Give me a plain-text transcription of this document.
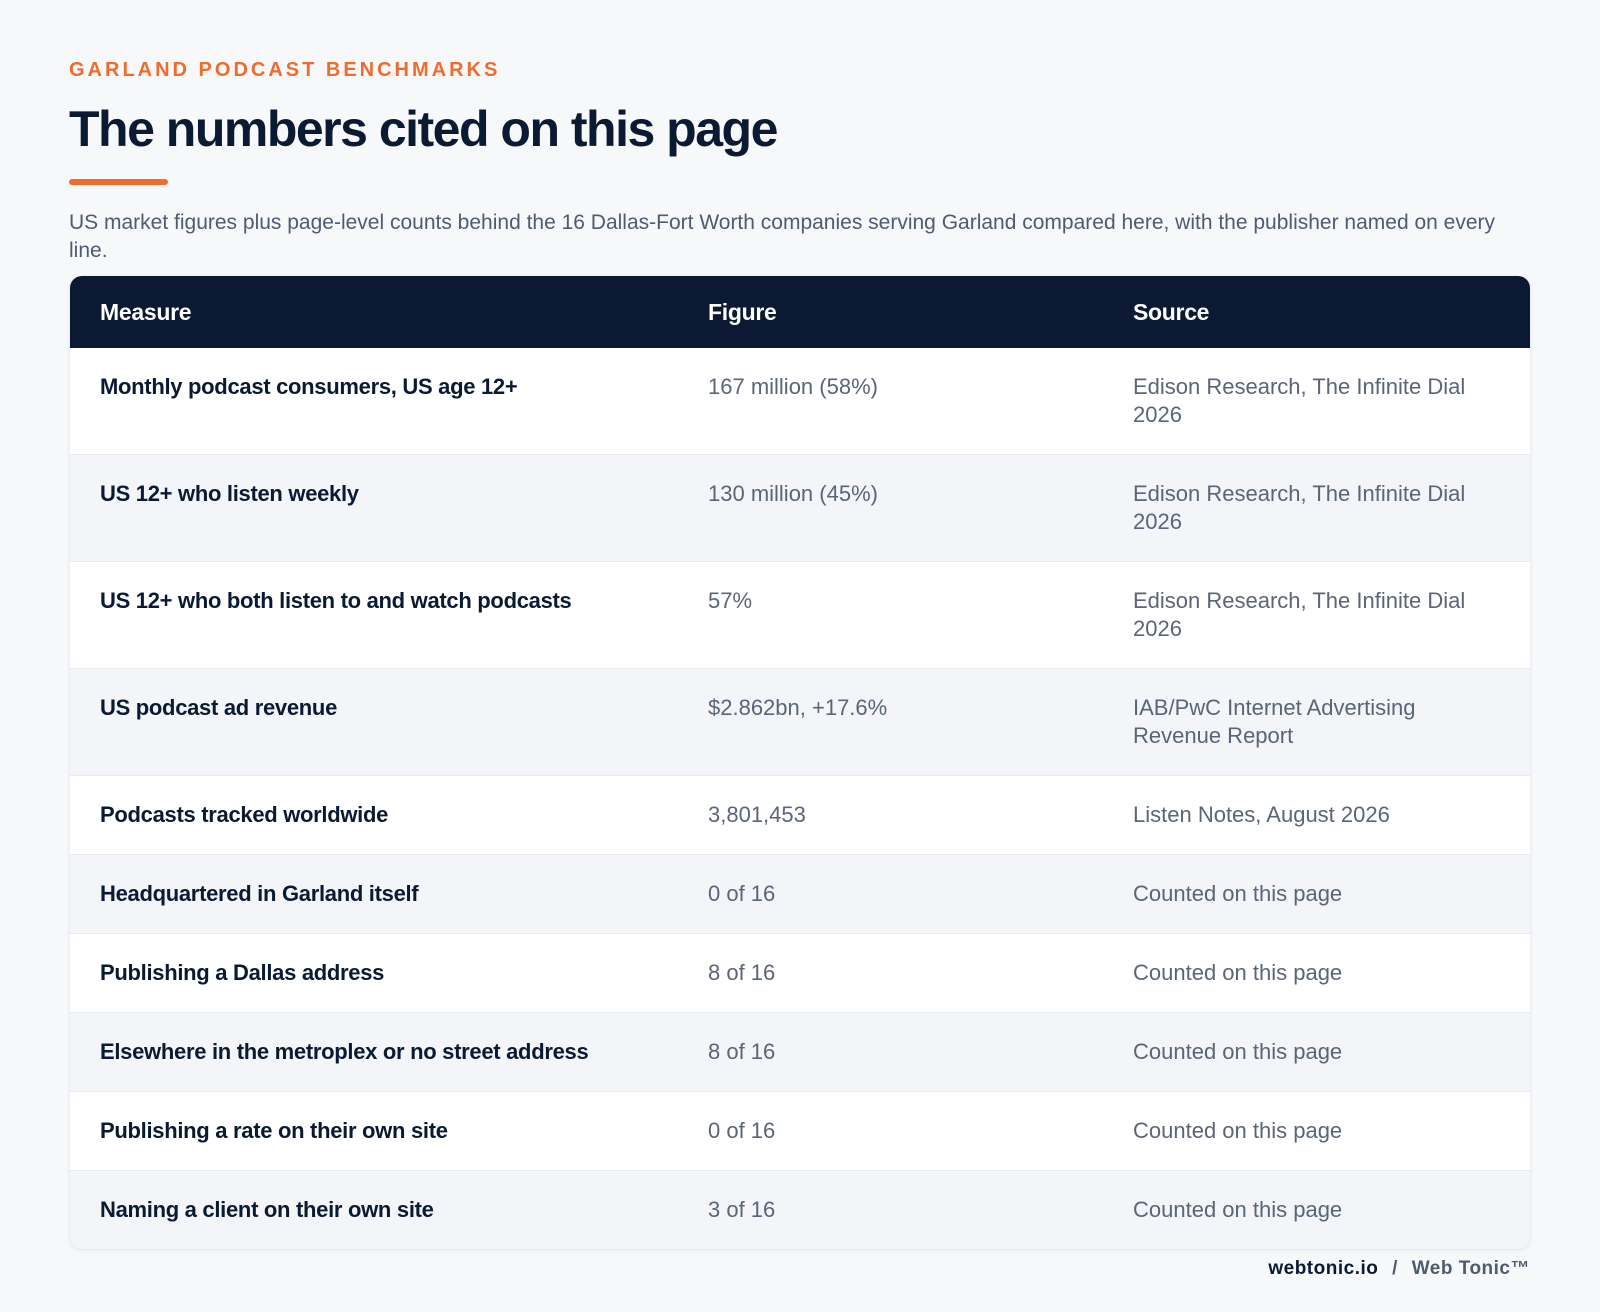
GARLAND PODCAST BENCHMARKS

The numbers cited on this page

US market figures plus page-level counts behind the 16 Dallas-Fort Worth companies serving Garland compared here, with the publisher named on every line.

Measure	Figure	Source
Monthly podcast consumers, US age 12+	167 million (58%)	Edison Research, The Infinite Dial 2026
US 12+ who listen weekly	130 million (45%)	Edison Research, The Infinite Dial 2026
US 12+ who both listen to and watch podcasts	57%	Edison Research, The Infinite Dial 2026
US podcast ad revenue	$2.862bn, +17.6%	IAB/PwC Internet Advertising Revenue Report
Podcasts tracked worldwide	3,801,453	Listen Notes, August 2026
Headquartered in Garland itself	0 of 16	Counted on this page
Publishing a Dallas address	8 of 16	Counted on this page
Elsewhere in the metroplex or no street address	8 of 16	Counted on this page
Publishing a rate on their own site	0 of 16	Counted on this page
Naming a client on their own site	3 of 16	Counted on this page
webtonic.io / Web Tonic™
